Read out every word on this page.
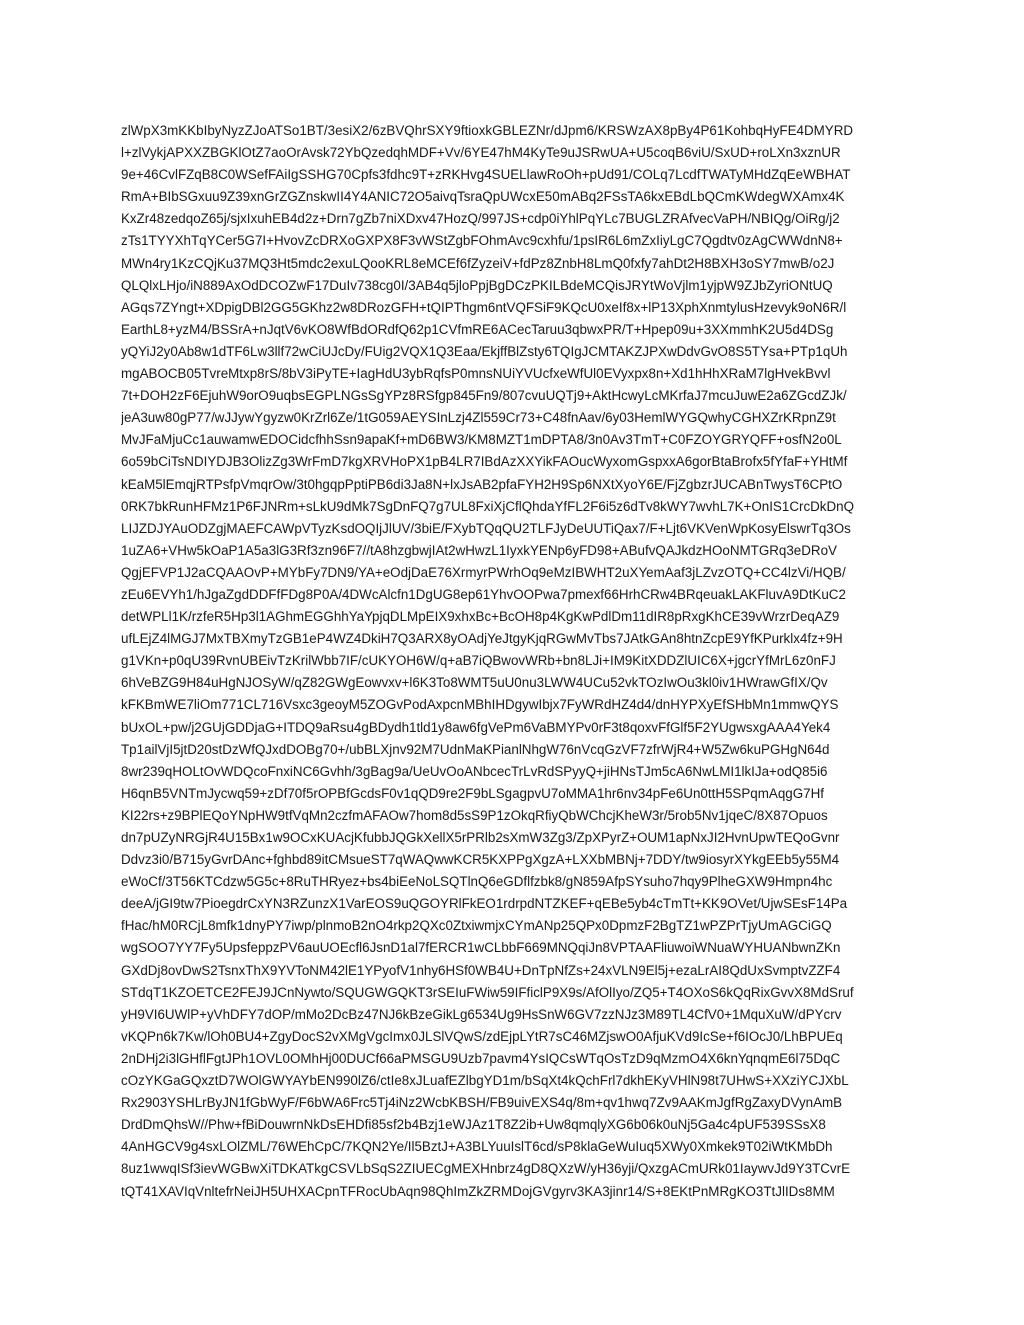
zlWpX3mKKbIbyNyzZJoATSo1BT/3esiX2/6zBVQhrSXY9ftioxkGBLEZNr/dJpm6/KRSWzAX8pBy4P61KohbqHyFE4DMYRD
l+zlVykjAPXXZBGKlOtZ7aoOrAvsk72YbQzedqhMDF+Vv/6YE47hM4KyTe9uJSRwUA+U5coqB6viU/SxUD+roLXn3xznUR
9e+46CvlFZqB8C0WSefFAiIgSSHG70Cpfs3fdhc9T+zRKHvg4SUELlawRoOh+pUd91/COLq7LcdfTWATyMHdZqEeWBHAT
RmA+BIbSGxuu9Z39xnGrZGZnskwII4Y4ANIC72O5aivqTsraQpUWcxE50mABq2FSsTA6kxEBdLbQCmKWdegWXAmx4K
KxZr48zedqoZ65j/sjxIxuhEB4d2z+Drn7gZb7niXDxv47HozQ/997JS+cdp0iYhlPqYLc7BUGLZRAfvecVaPH/NBIQg/OiRg/j2
zTs1TYYXhTqYCer5G7I+HvovZcDRXoGXPX8F3vWStZgbFOhmAvc9cxhfu/1psIR6L6mZxIiyLgC7Qgdtv0zAgCWWdnN8+
MWn4ry1KzCQjKu37MQ3Ht5mdc2exuLQooKRL8eMCEf6fZyzeiV+fdPz8ZnbH8LmQ0fxfy7ahDt2H8BXH3oSY7mwB/o2J
QLQlxLHjo/iN889AxOdDCOZwF17DuIv738cg0I/3AB4q5jloPpjBgDCzPKILBdeMCQisJRYtWoVjlm1yjpW9ZJbZyriONtUQ
AGqs7ZYngt+XDpigDBl2GG5GKhz2w8DRozGFH+tQIPThgm6ntVQFSiF9KQcU0xeIf8x+lP13XphXnmtylusHzevyk9oN6R/l
EarthL8+yzM4/BSSrA+nJqtV6vKO8WfBdORdfQ62p1CVfmRE6ACecTaruu3qbwxPR/T+Hpep09u+3XXmmhK2U5d4DSg
yQYiJ2y0Ab8w1dTF6Lw3llf72wCiUJcDy/FUig2VQX1Q3Eaa/EkjffBlZsty6TQIgJCMTAKZJPXwDdvGvO8S5TYsa+PTp1qUh
mgABOCB05TvreMtxp8rS/8bV3iPyTE+IagHdU3ybRqfsP0mnsNUiYVUcfxeWfUl0EVyxpx8n+Xd1hHhXRaM7lgHvekBvvl
7t+DOH2zF6EjuhW9orO9uqbsEGPLNGsSgYPz8RSfgp845Fn9/807cvuUQTj9+AktHcwyLcMKrfaJ7mcuJuwE2a6ZGcdZJk/
jeA3uw80gP77/wJJywYgyzw0KrZrl6Ze/1tG059AEYSInLzj4Zl559Cr73+C48fnAav/6y03HemlWYGQwhyCGHXZrKRpnZ9t
MvJFaMjuCc1auwamwEDOCidcfhhSsn9apaKf+mD6BW3/KM8MZT1mDPTA8/3n0Av3TmT+C0FZOYGRYQFF+osfN2o0L
6o59bCiTsNDIYDJB3OlizZg3WrFmD7kgXRVHoPX1pB4LR7IBdAzXXYikFAOucWyxomGspxxA6gorBtaBrofx5fYfaF+YHtMf
kEaM5lEmqjRTPsfpVmqrOw/3t0hgqpPptiPB6di3Ja8N+lxJsAB2pfaFYH2H9Sp6NXtXyoY6E/FjZgbzrJUCABnTwysT6CPtO
0RK7bkRunHFMz1P6FJNRm+sLkU9dMk7SgDnFQ7g7UL8FxiXjCflQhdaYfFL2F6i5z6dTv8kWY7wvhL7K+OnIS1CrcDkDnQ
LIJZDJYAuODZgjMAEFCAWpVTyzKsdOQIjJlUV/3biE/FXybTQqQU2TLFJyDeUUTiQax7/F+Ljt6VKVenWpKosyElswrTq3Os
1uZA6+VHw5kOaP1A5a3lG3Rf3zn96F7//tA8hzgbwjIAt2wHwzL1IyxkYENp6yFD98+ABufvQAJkdzHOoNMTGRq3eDRoV
QgjEFVP1J2aCQAAOvP+MYbFy7DN9/YA+eOdjDaE76XrmyrPWrhOq9eMzIBWHT2uXYemAaf3jLZvzOTQ+CC4lzVi/HQB/
zEu6EVYh1/hJgaZgdDDFfFDg8P0A/4DWcAlcfn1DgUG8ep61YhvOOPwa7pmexf66HrhCRw4BRqeuakLAKFluvA9DtKuC2
detWPLl1K/rzfeR5Hp3l1AGhmEGGhhYaYpjqDLMpEIX9xhxBc+BcOH8p4KgKwPdlDm11dIR8pRxgKhCE39vWrzrDeqAZ9
ufLEjZ4lMGJ7MxTBXmyTzGB1eP4WZ4DkiH7Q3ARX8yOAdjYeJtgyKjqRGwMvTbs7JAtkGAn8htnZcpE9YfKPurklx4fz+9H
g1VKn+p0qU39RvnUBEivTzKrilWbb7IF/cUKYOH6W/q+aB7iQBwovWRb+bn8LJi+IM9KitXDDZlUIC6X+jgcrYfMrL6z0nFJ
6hVeBZG9H84uHgNJOSyW/qZ82GWgEowvxv+l6K3To8WMT5uU0nu3LWW4UCu52vkTOzIwOu3kl0iv1HWrawGfIX/Qv
kFKBmWE7liOm771CL716Vsxc3geoyM5ZOGvPodAxpcnMBhIHDgywIbjx7FyWRdHZ4d4/dnHYPXyEfSHbMn1mmwQYS
bUxOL+pw/j2GUjGDDjaG+ITDQ9aRsu4gBDydh1tld1y8aw6fgVePm6VaBMYPv0rF3t8qoxvFfGlf5F2YUgwsxgAAA4Yek4
Tp1ailVjI5jtD20stDzWfQJxdDOBg70+/ubBLXjnv92M7UdnMaKPianlNhgW76nVcqGzVF7zfrWjR4+W5Zw6kuPGHgN64d
8wr239qHOLtOvWDQcoFnxiNC6Gvhh/3gBag9a/UeUvOoANbcecTrLvRdSPyyQ+jiHNsTJm5cA6NwLMI1lkIJa+odQ85i6
H6qnB5VNTmJycwq59+zDf70f5rOPBfGcdsF0v1qQD9re2F9bLSgagpvU7oMMA1hr6nv34pFe6Un0ttH5SPqmAqgG7Hf
KI22rs+z9BPlEQoYNpHW9tfVqMn2czfmAFAOw7hom8d5sS9P1zOkqRfiyQbWChcjKheW3r/5rob5Nv1jqeC/8X87Opuos
dn7pUZyNRGjR4U15Bx1w9OCxKUAcjKfubbJQGkXellX5rPRlb2sXmW3Zg3/ZpXPyrZ+OUM1apNxJI2HvnUpwTEQoGvnr
Ddvz3i0/B715yGvrDAnc+fghbd89itCMsueST7qWAQwwKCR5KXPPgXgzA+LXXbMBNj+7DDY/tw9iosyrXYkgEEb5y55M4
eWoCf/3T56KTCdzw5G5c+8RuTHRyez+bs4biEeNoLSQTlnQ6eGDflfzbk8/gN859AfpSYsuho7hqy9PlheGXW9Hmpn4hc
deeA/jGI9tw7PioegdrCxYN3RZunzX1VarEOS9uQGOYRlFkEO1rdrpdNTZKEF+qEBe5yb4cTmTt+KK9OVet/UjwSEsF14Pa
fHac/hM0RCjL8mfk1dnyPY7iwp/plnmoB2nO4rkp2QXc0ZtxiwmjxCYmANp25QPx0DpmzF2BgTZ1wPZPrTjyUmAGCiGQ
wgSOO7YY7Fy5UpsfeppzPV6auUOEcfl6JsnD1al7fERCR1wCLbbF669MNQqiJn8VPTAAFliuwoiWNuaWYHUANbwnZKn
GXdDj8ovDwS2TsnxThX9YVToNM42lE1YPyofV1nhy6HSf0WB4U+DnTpNfZs+24xVLN9El5j+ezaLrAI8QdUxSvmptvZZF4
STdqT1KZOETCE2FEJ9JCnNywto/SQUGWGQKT3rSEIuFWiw59IFficlP9X9s/AfOlIyo/ZQ5+T4OXoS6kQqRixGvvX8MdSruf
yH9VI6UWlP+yVhDFY7dOP/mMo2DcBz47NJ6kBzeGikLg6534Ug9HsSnW6GV7zzNJz3M89TL4CfV0+1MquXuW/dPYcrv
vKQPn6k7Kw/lOh0BU4+ZgyDocS2vXMgVgcImx0JLSlVQwS/zdEjpLYtR7sC46MZjswO0AfjuKVd9IcSe+f6IOcJ0/LhBPUEq
2nDHj2i3lGHflFgtJPh1OVL0OMhHj00DUCf66aPMSGU9Uzb7pavm4YsIQCsWTqOsTzD9qMzmO4X6knYqnqmE6l75DqC
cOzYKGaGQxztD7WOlGWYAYbEN990lZ6/ctIe8xJLuafEZlbgYD1m/bSqXt4kQchFrl7dkhEKyVHlN98t7UHwS+XXziYCJXbL
Rx2903YSHLrByJN1fGbWyF/F6bWA6Frc5Tj4iNz2WcbKBSH/FB9uivEXS4q/8m+qv1hwq7Zv9AAKmJgfRgZaxyDVynAmB
DrdDmQhsW//Phw+fBiDouwrnNkDsEHDfi85sf2b4Bzj1eWJAz1T8Z2ib+Uw8qmqlyXG6b06k0uNj5Ga4c4pUF539SSsX8
4AnHGCV9g4sxLOlZML/76WEhCpC/7KQN2Ye/Il5BztJ+A3BLYuuIslT6cd/sP8klaGeWuIuq5XWy0Xmkek9T02iWtKMbDh
8uz1wwqISf3ievWGBwXiTDKATkgCSVLbSqS2ZIUECgMEXHnbrz4gD8QXzW/yH36yji/QxzgACmURk01IaywvJd9Y3TCvrE
tQT41XAVIqVnltefrNeiJH5UHXACpnTFRocUbAqn98QhImZkZRMDojGVgyrv3KA3jinr14/S+8EKtPnMRgKO3TtJlIDs8MM
